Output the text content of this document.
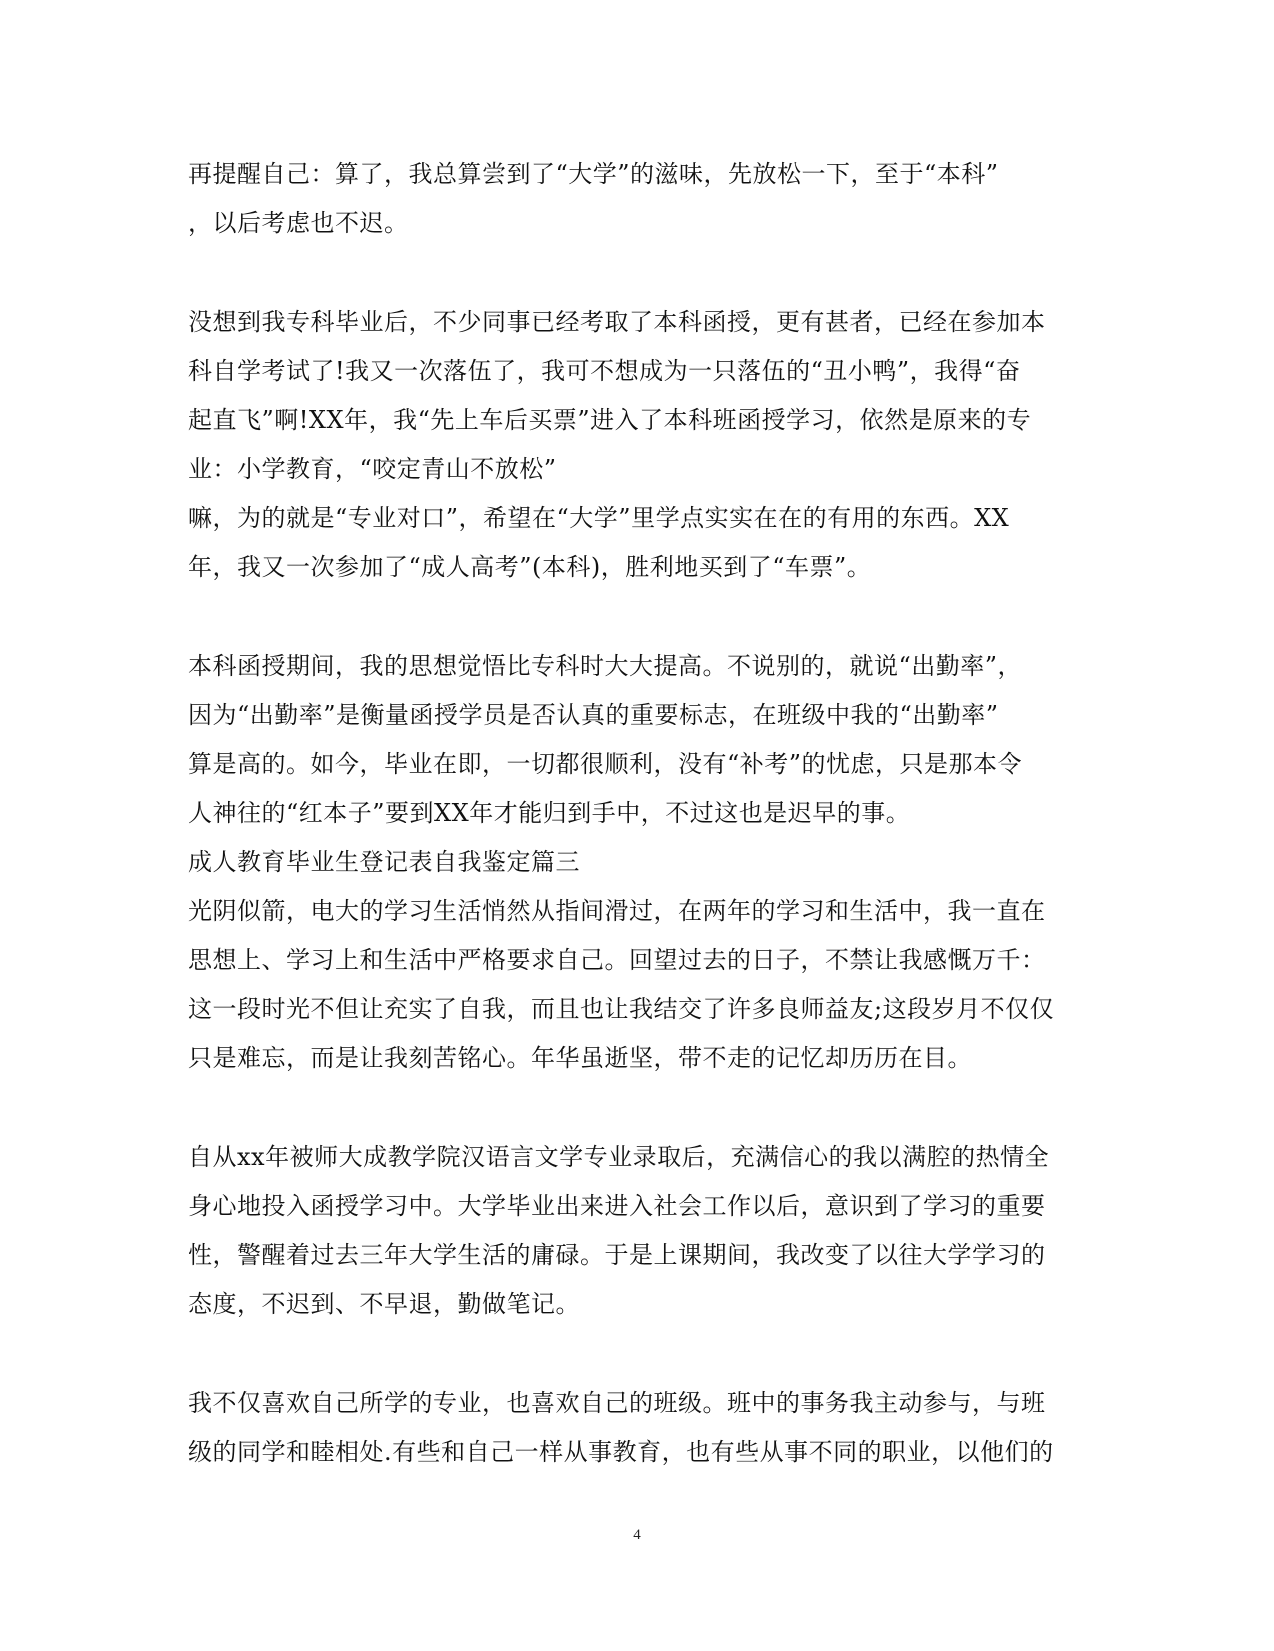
再提醒自己：算了，我总算尝到了“大学”的滋味，先放松一下，至于“本科”
，以后考虑也不迟。
没想到我专科毕业后，不少同事已经考取了本科函授，更有甚者，已经在参加本
科自学考试了!我又一次落伍了，我可不想成为一只落伍的“丑小鸭”，我得“奋
起直飞”啊!XX年，我“先上车后买票”进入了本科班函授学习，依然是原来的专
业：小学教育，“咬定青山不放松”
嘛，为的就是“专业对口”，希望在“大学”里学点实实在在的有用的东西。XX
年，我又一次参加了“成人高考”(本科)，胜利地买到了“车票”。
本科函授期间，我的思想觉悟比专科时大大提高。不说别的，就说“出勤率”，
因为“出勤率”是衡量函授学员是否认真的重要标志，在班级中我的“出勤率”
算是高的。如今，毕业在即，一切都很顺利，没有“补考”的忧虑，只是那本令
人神往的“红本子”要到XX年才能归到手中，不过这也是迟早的事。
成人教育毕业生登记表自我鉴定篇三
光阴似箭，电大的学习生活悄然从指间滑过，在两年的学习和生活中，我一直在
思想上、学习上和生活中严格要求自己。回望过去的日子，不禁让我感慨万千：
这一段时光不但让充实了自我，而且也让我结交了许多良师益友;这段岁月不仅仅
只是难忘，而是让我刻苦铭心。年华虽逝坚，带不走的记忆却历历在目。
自从xx年被师大成教学院汉语言文学专业录取后，充满信心的我以满腔的热情全
身心地投入函授学习中。大学毕业出来进入社会工作以后，意识到了学习的重要
性，警醒着过去三年大学生活的庸碌。于是上课期间，我改变了以往大学学习的
态度，不迟到、不早退，勤做笔记。
我不仅喜欢自己所学的专业，也喜欢自己的班级。班中的事务我主动参与，与班
级的同学和睦相处.有些和自己一样从事教育，也有些从事不同的职业，以他们的
4
